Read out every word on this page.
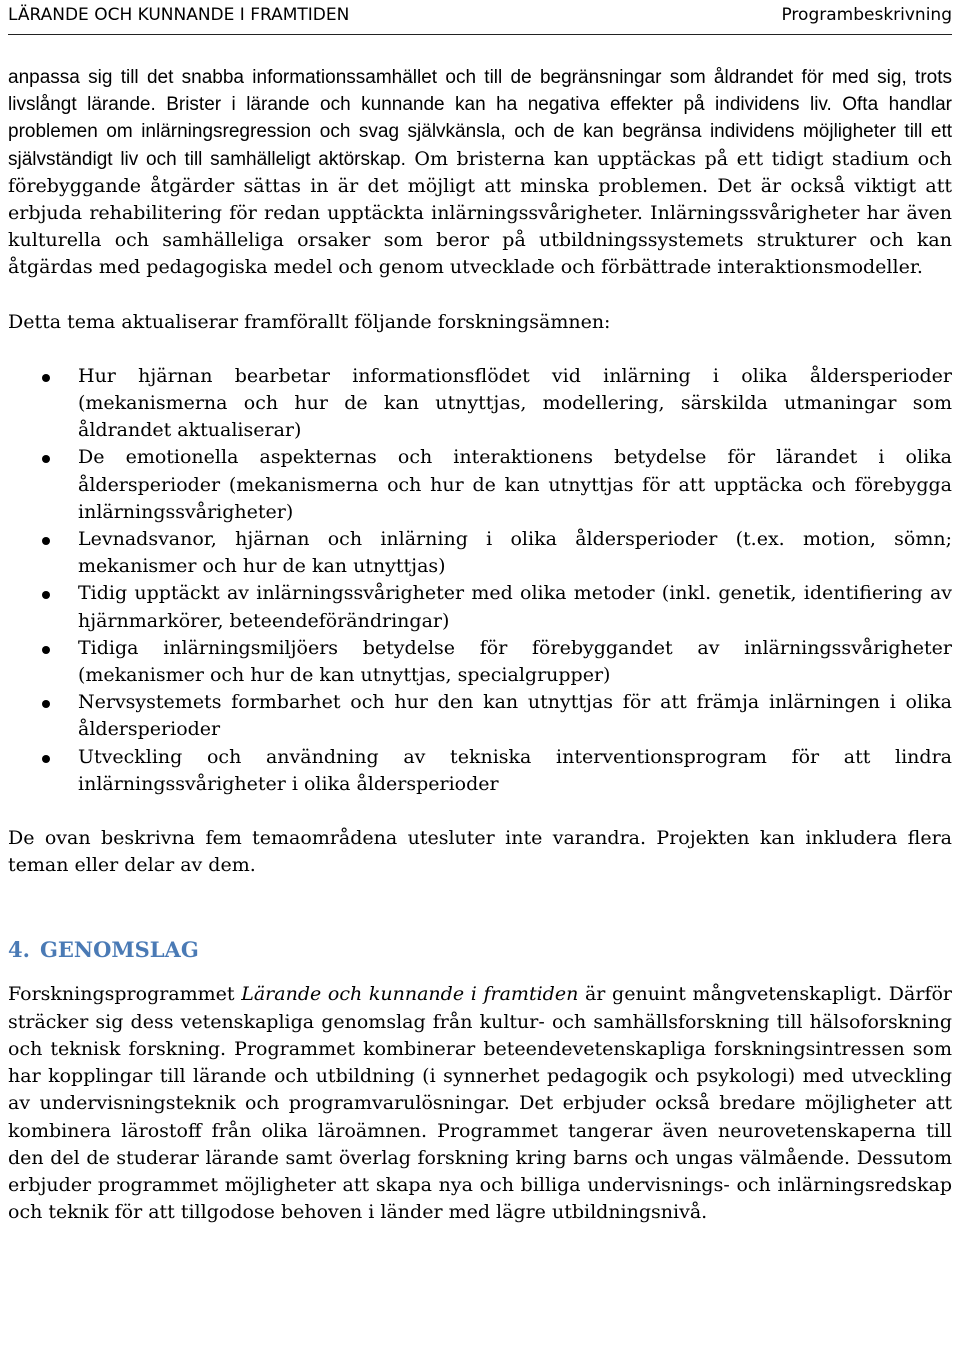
LÄRANDE OCH KUNNANDE I FRAMTIDEN	Programbeskrivning

anpassa sig till det snabba informationssamhället och till de begränsningar som åldrandet för med sig, trots livslångt lärande. Brister i lärande och kunnande kan ha negativa effekter på individens liv. Ofta handlar problemen om inlärningsregression och svag självkänsla, och de kan begränsa individens möjligheter till ett självständigt liv och till samhälleligt aktörskap. Om bristerna kan upptäckas på ett tidigt stadium och förebyggande åtgärder sättas in är det möjligt att minska problemen. Det är också viktigt att erbjuda rehabilitering för redan upptäckta inlärningssvårigheter. Inlärningssvårigheter har även kulturella och samhälleliga orsaker som beror på utbildningssystemets strukturer och kan åtgärdas med pedagogiska medel och genom utvecklade och förbättrade interaktionsmodeller.

Detta tema aktualiserar framförallt följande forskningsämnen:

Hur hjärnan bearbetar informationsflödet vid inlärning i olika åldersperioder (mekanismerna och hur de kan utnyttjas, modellering, särskilda utmaningar som åldrandet aktualiserar)
De emotionella aspekternas och interaktionens betydelse för lärandet i olika åldersperioder (mekanismerna och hur de kan utnyttjas för att upptäcka och förebygga inlärningssvårigheter)
Levnadsvanor, hjärnan och inlärning i olika åldersperioder (t.ex. motion, sömn; mekanismer och hur de kan utnyttjas)
Tidig upptäckt av inlärningssvårigheter med olika metoder (inkl. genetik, identifiering av hjärnmarkörer, beteendeförändringar)
Tidiga inlärningsmiljöers betydelse för förebyggandet av inlärningssvårigheter (mekanismer och hur de kan utnyttjas, specialgrupper)
Nervsystemets formbarhet och hur den kan utnyttjas för att främja inlärningen i olika åldersperioder
Utveckling och användning av tekniska interventionsprogram för att lindra inlärningssvårigheter i olika åldersperioder

De ovan beskrivna fem temaområdena utesluter inte varandra. Projekten kan inkludera flera teman eller delar av dem.

4. GENOMSLAG

Forskningsprogrammet Lärande och kunnande i framtiden är genuint mångvetenskapligt. Därför sträcker sig dess vetenskapliga genomslag från kultur- och samhällsforskning till hälsoforskning och teknisk forskning. Programmet kombinerar beteendevetenskapliga forskningsintressen som har kopplingar till lärande och utbildning (i synnerhet pedagogik och psykologi) med utveckling av undervisningsteknik och programvarulösningar. Det erbjuder också bredare möjligheter att kombinera lärostoff från olika läroämnen. Programmet tangerar även neurovetenskaperna till den del de studerar lärande samt överlag forskning kring barns och ungas välmående. Dessutom erbjuder programmet möjligheter att skapa nya och billiga undervisnings- och inlärningsredskap och teknik för att tillgodose behoven i länder med lägre utbildningsnivå.
